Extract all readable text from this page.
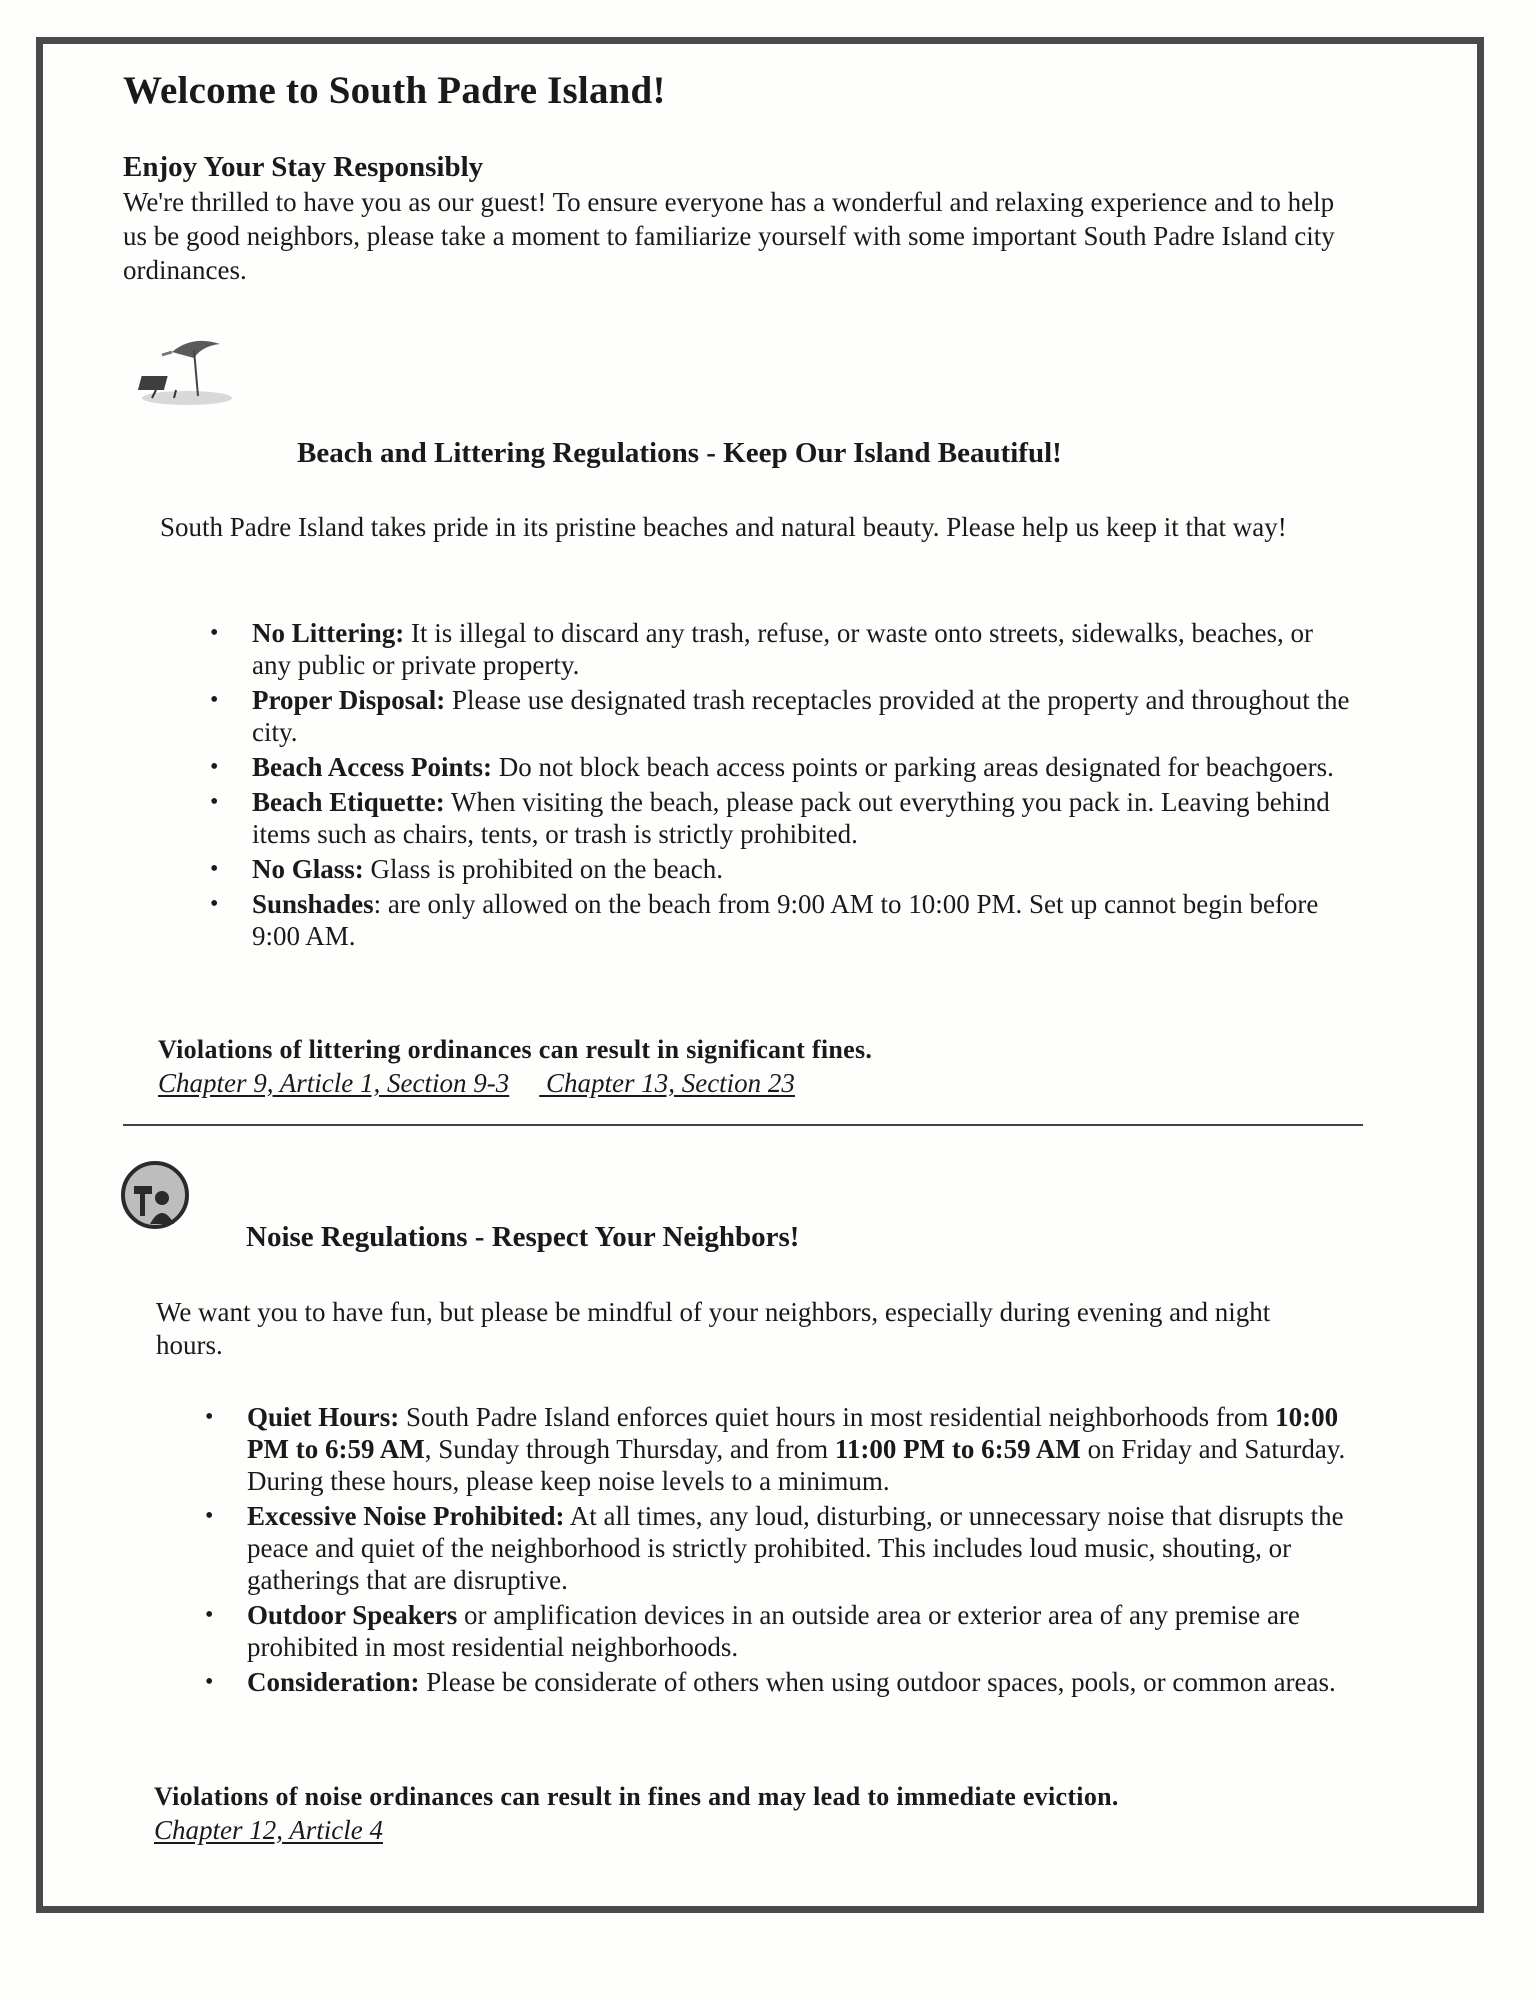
Welcome to South Padre Island!
Enjoy Your Stay Responsibly
We're thrilled to have you as our guest! To ensure everyone has a wonderful and relaxing experience and to help us be good neighbors, please take a moment to familiarize yourself with some important South Padre Island city ordinances.
Beach and Littering Regulations - Keep Our Island Beautiful!
South Padre Island takes pride in its pristine beaches and natural beauty. Please help us keep it that way!
• No Littering: It is illegal to discard any trash, refuse, or waste onto streets, sidewalks, beaches, or any public or private property.
• Proper Disposal: Please use designated trash receptacles provided at the property and throughout the city.
• Beach Access Points: Do not block beach access points or parking areas designated for beachgoers.
• Beach Etiquette: When visiting the beach, please pack out everything you pack in. Leaving behind items such as chairs, tents, or trash is strictly prohibited.
• No Glass: Glass is prohibited on the beach.
• Sunshades: are only allowed on the beach from 9:00 AM to 10:00 PM. Set up cannot begin before 9:00 AM.
Violations of littering ordinances can result in significant fines.
Chapter 9, Article 1, Section 9-3 Chapter 13, Section 23
Noise Regulations - Respect Your Neighbors!
We want you to have fun, but please be mindful of your neighbors, especially during evening and night hours.
• Quiet Hours: South Padre Island enforces quiet hours in most residential neighborhoods from 10:00 PM to 6:59 AM, Sunday through Thursday, and from 11:00 PM to 6:59 AM on Friday and Saturday. During these hours, please keep noise levels to a minimum.
• Excessive Noise Prohibited: At all times, any loud, disturbing, or unnecessary noise that disrupts the peace and quiet of the neighborhood is strictly prohibited. This includes loud music, shouting, or gatherings that are disruptive.
• Outdoor Speakers or amplification devices in an outside area or exterior area of any premise are prohibited in most residential neighborhoods.
• Consideration: Please be considerate of others when using outdoor spaces, pools, or common areas.
Violations of noise ordinances can result in fines and may lead to immediate eviction.
Chapter 12, Article 4
